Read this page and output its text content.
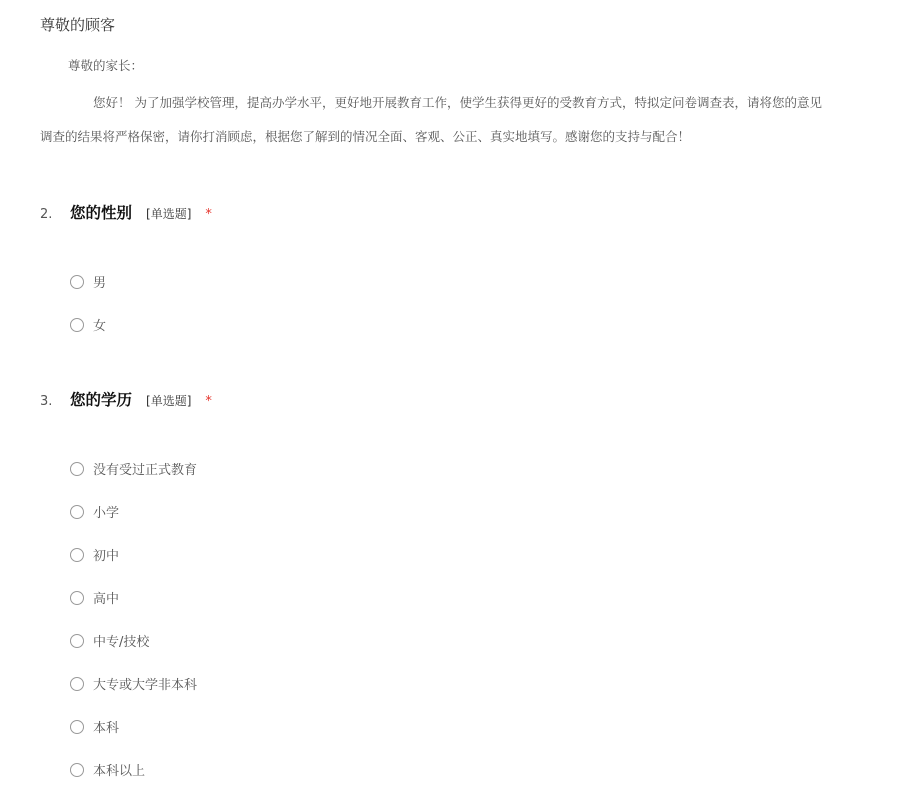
尊敬的顾客
尊敬的家长：
您好！ 为了加强学校管理，提高办学水平，更好地开展教育工作，使学生获得更好的受教育方式，特拟定问卷调查表，请将您的意见
调查的结果将严格保密，请你打消顾虑，根据您了解到的情况全面、客观、公正、真实地填写。感谢您的支持与配合！
2.	您的性别 [单选题] *
男
女
3.	您的学历 [单选题] *
没有受过正式教育
小学
初中
高中
中专/技校
大专或大学非本科
本科
本科以上
